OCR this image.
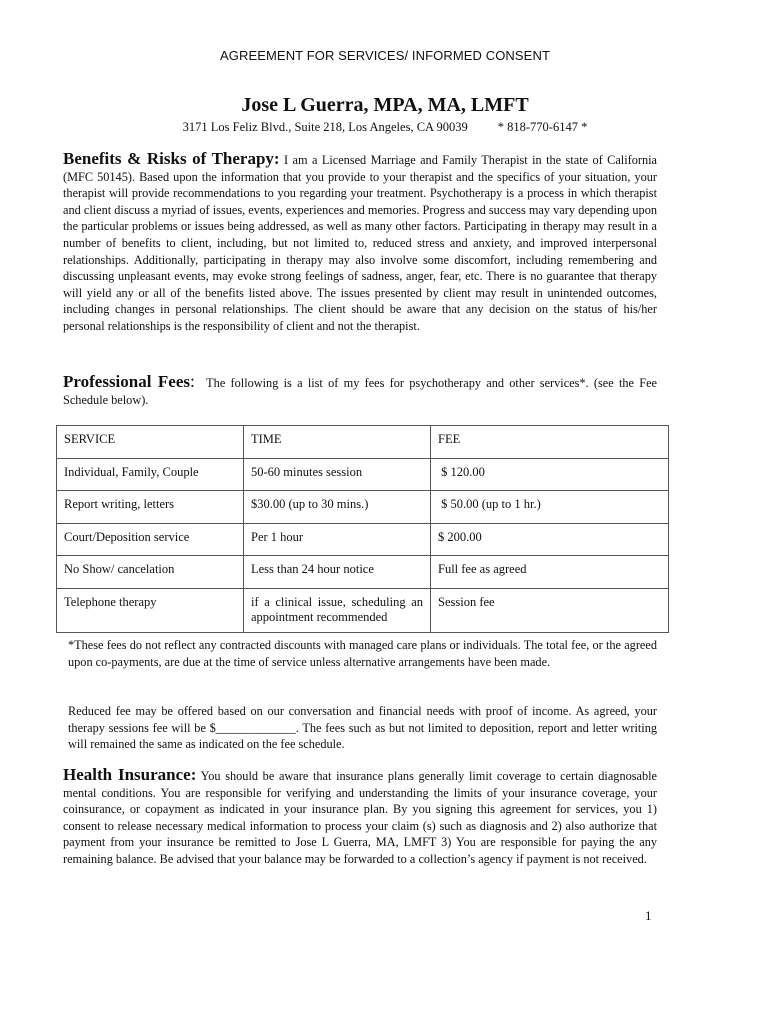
AGREEMENT FOR SERVICES/ INFORMED CONSENT
Jose L Guerra, MPA, MA, LMFT
3171 Los Feliz Blvd., Suite 218, Los Angeles, CA 90039 * 818-770-6147 *
Benefits & Risks of Therapy: I am a Licensed Marriage and Family Therapist in the state of California (MFC 50145). Based upon the information that you provide to your therapist and the specifics of your situation, your therapist will provide recommendations to you regarding your treatment. Psychotherapy is a process in which therapist and client discuss a myriad of issues, events, experiences and memories. Progress and success may vary depending upon the particular problems or issues being addressed, as well as many other factors. Participating in therapy may result in a number of benefits to client, including, but not limited to, reduced stress and anxiety, and improved interpersonal relationships. Additionally, participating in therapy may also involve some discomfort, including remembering and discussing unpleasant events, may evoke strong feelings of sadness, anger, fear, etc. There is no guarantee that therapy will yield any or all of the benefits listed above. The issues presented by client may result in unintended outcomes, including changes in personal relationships. The client should be aware that any decision on the status of his/her personal relationships is the responsibility of client and not the therapist.
Professional Fees: The following is a list of my fees for psychotherapy and other services*. (see the Fee Schedule below).
SERVICE	TIME	FEE
Individual, Family, Couple	50-60 minutes session	$ 120.00
Report writing, letters	$30.00 (up to 30 mins.)	$ 50.00 (up to 1 hr.)
Court/Deposition service	Per 1 hour	$ 200.00
No Show/ cancelation	Less than 24 hour notice	Full fee as agreed
Telephone therapy	if a clinical issue, scheduling an appointment recommended	Session fee
*These fees do not reflect any contracted discounts with managed care plans or individuals. The total fee, or the agreed upon co-payments, are due at the time of service unless alternative arrangements have been made.
Reduced fee may be offered based on our conversation and financial needs with proof of income. As agreed, your therapy sessions fee will be $_____________. The fees such as but not limited to deposition, report and letter writing will remained the same as indicated on the fee schedule.
Health Insurance: You should be aware that insurance plans generally limit coverage to certain diagnosable mental conditions. You are responsible for verifying and understanding the limits of your insurance coverage, your coinsurance, or copayment as indicated in your insurance plan. By you signing this agreement for services, you 1) consent to release necessary medical information to process your claim (s) such as diagnosis and 2) also authorize that payment from your insurance be remitted to Jose L Guerra, MA, LMFT 3) You are responsible for paying the any remaining balance. Be advised that your balance may be forwarded to a collection’s agency if payment is not received.
1
